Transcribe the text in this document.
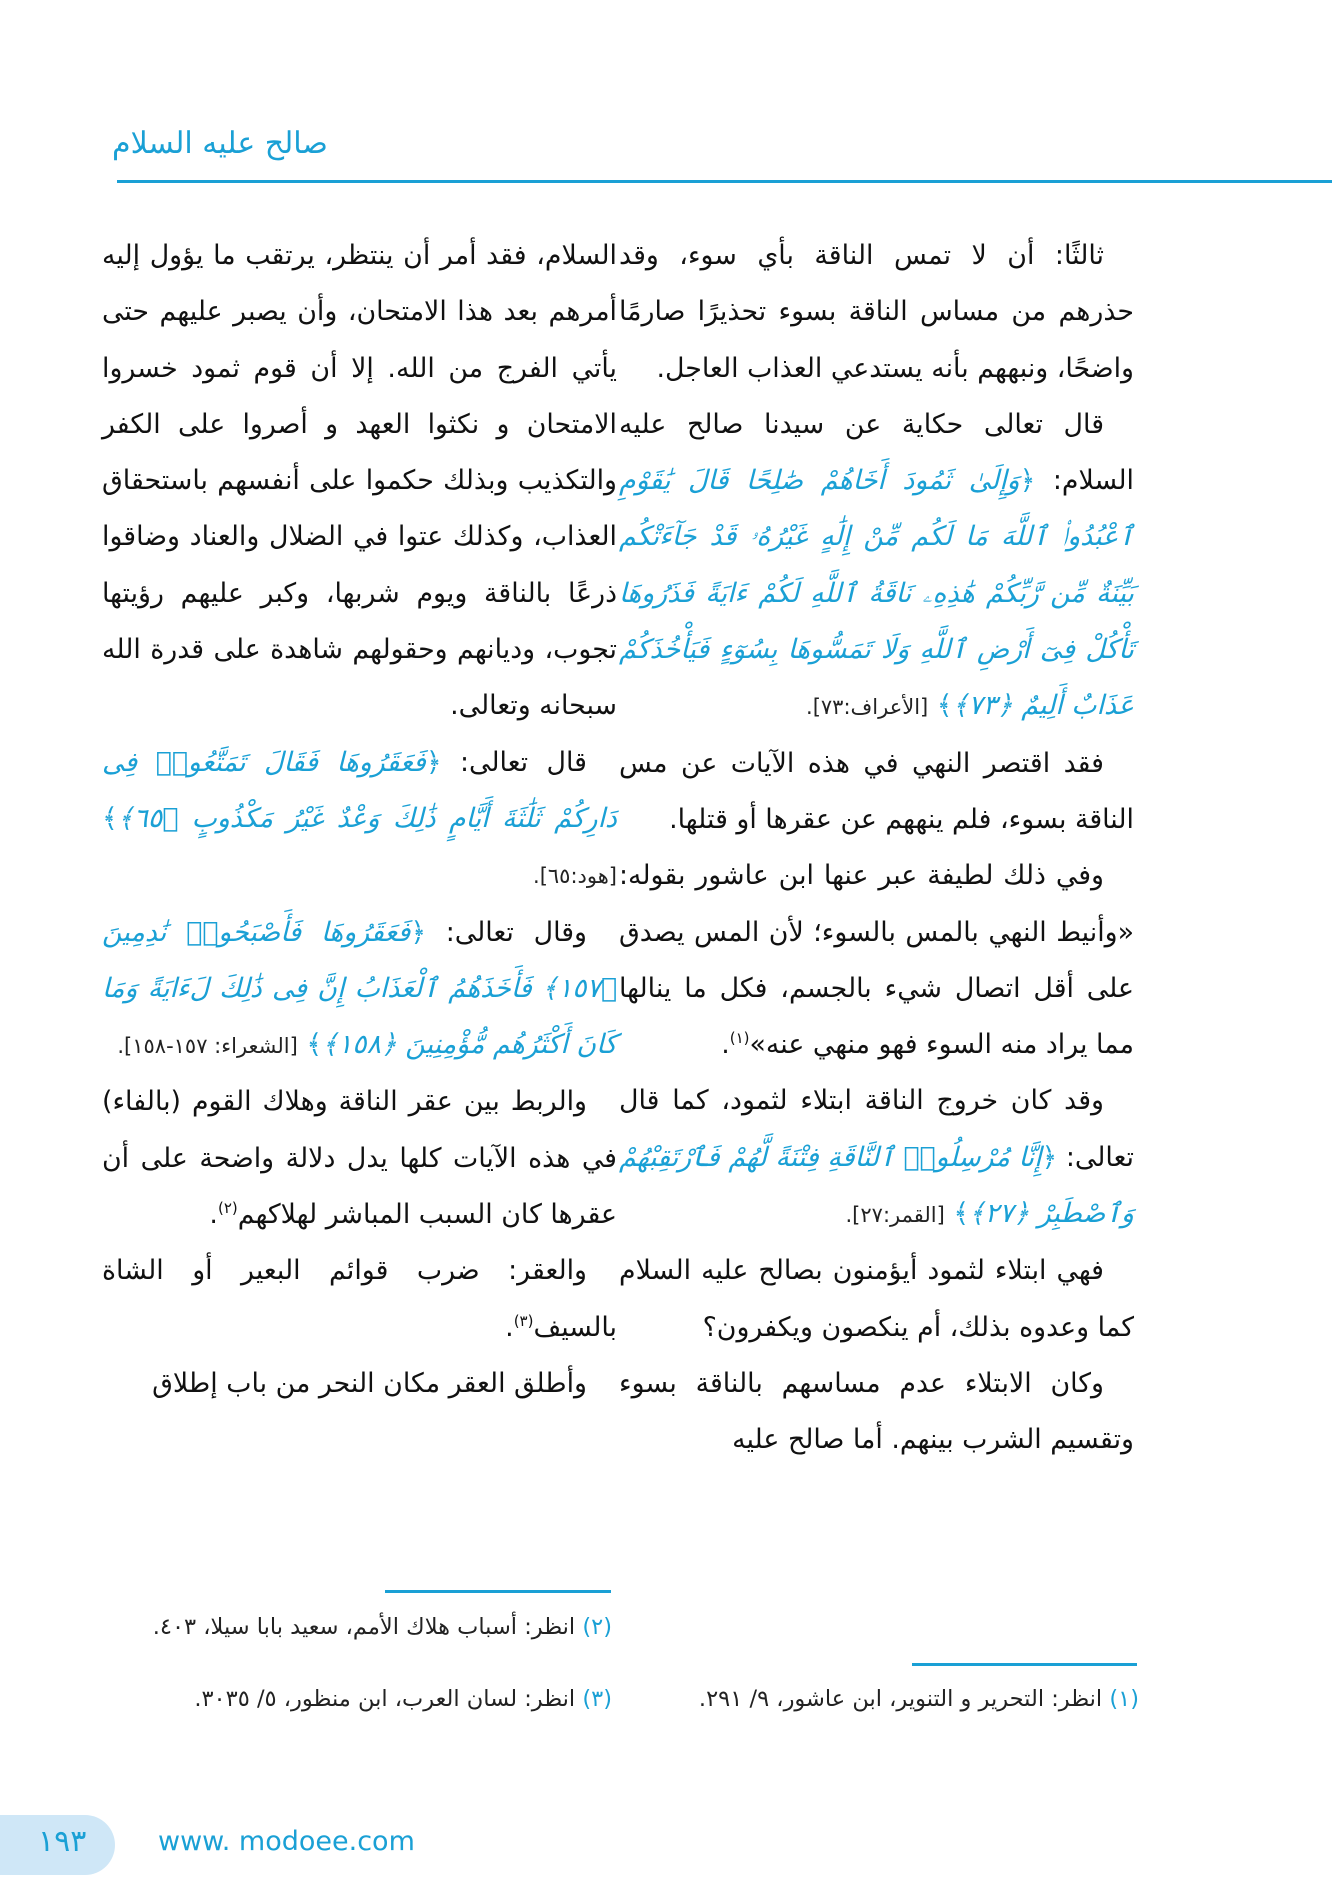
صالح عليه السلام

ثالثًا: أن لا تمس الناقة بأي سوء، وقد حذرهم من مساس الناقة بسوء تحذيرًا صارمًا واضحًا، ونبههم بأنه يستدعي العذاب العاجل.

قال تعالى حكاية عن سيدنا صالح عليه السلام: ﴿وَإِلَىٰ ثَمُودَ أَخَاهُمْ صَٰلِحًا قَالَ يَٰقَوْمِ ٱعْبُدُوا۟ ٱللَّهَ مَا لَكُم مِّنْ إِلَٰهٍ غَيْرُهُۥ قَدْ جَآءَتْكُم بَيِّنَةٌ مِّن رَّبِّكُمْ هَٰذِهِۦ نَاقَةُ ٱللَّهِ لَكُمْ ءَايَةً فَذَرُوهَا تَأْكُلْ فِىٓ أَرْضِ ٱللَّهِ وَلَا تَمَسُّوهَا بِسُوٓءٍ فَيَأْخُذَكُمْ عَذَابٌ أَلِيمٌ ﴿٧٣﴾﴾ [الأعراف:٧٣].

فقد اقتصر النهي في هذه الآيات عن مس الناقة بسوء، فلم ينههم عن عقرها أو قتلها.

وفي ذلك لطيفة عبر عنها ابن عاشور بقوله: «وأنيط النهي بالمس بالسوء؛ لأن المس يصدق على أقل اتصال شيء بالجسم، فكل ما ينالها مما يراد منه السوء فهو منهي عنه»$^{(١)}$.

وقد كان خروج الناقة ابتلاء لثمود، كما قال تعالى: ﴿إِنَّا مُرْسِلُوا۟ ٱلنَّاقَةِ فِتْنَةً لَّهُمْ فَٱرْتَقِبْهُمْ وَٱصْطَبِرْ ﴿٢٧﴾﴾ [القمر:٢٧].

فهي ابتلاء لثمود أيؤمنون بصالح عليه السلام كما وعدوه بذلك، أم ينكصون ويكفرون؟

وكان الابتلاء عدم مساسهم بالناقة بسوء وتقسيم الشرب بينهم. أما صالح عليه

السلام، فقد أمر أن ينتظر، يرتقب ما يؤول إليه أمرهم بعد هذا الامتحان، وأن يصبر عليهم حتى يأتي الفرج من الله. إلا أن قوم ثمود خسروا الامتحان و نكثوا العهد و أصروا على الكفر والتكذيب وبذلك حكموا على أنفسهم باستحقاق العذاب، وكذلك عتوا في الضلال والعناد وضاقوا ذرعًا بالناقة ويوم شربها، وكبر عليهم رؤيتها تجوب، وديانهم وحقولهم شاهدة على قدرة الله سبحانه وتعالى.

قال تعالى: ﴿فَعَقَرُوهَا فَقَالَ تَمَتَّعُوا۟ فِى دَارِكُمْ ثَلَٰثَةَ أَيَّامٍ ذَٰلِكَ وَعْدٌ غَيْرُ مَكْذُوبٍ ﴿٦٥﴾﴾ [هود:٦٥].

وقال تعالى: ﴿فَعَقَرُوهَا فَأَصْبَحُوا۟ نَٰدِمِينَ ﴿١٥٧﴾ فَأَخَذَهُمُ ٱلْعَذَابُ إِنَّ فِى ذَٰلِكَ لَءَايَةً وَمَا كَانَ أَكْثَرُهُم مُّؤْمِنِينَ ﴿١٥٨﴾﴾ [الشعراء: ١٥٧-١٥٨].

والربط بين عقر الناقة وهلاك القوم (بالفاء) في هذه الآيات كلها يدل دلالة واضحة على أن عقرها كان السبب المباشر لهلاكهم$^{(٢)}$.

والعقر: ضرب قوائم البعير أو الشاة بالسيف$^{(٣)}$.

وأطلق العقر مكان النحر من باب إطلاق

(١) انظر: التحرير و التنوير، ابن عاشور، ٩/ ٢٩١.
(٢) انظر: أسباب هلاك الأمم، سعيد بابا سيلا، ٤٠٣.
(٣) انظر: لسان العرب، ابن منظور، ٥/ ٣٠٣٥.
١٩٣	www. modoee.com
